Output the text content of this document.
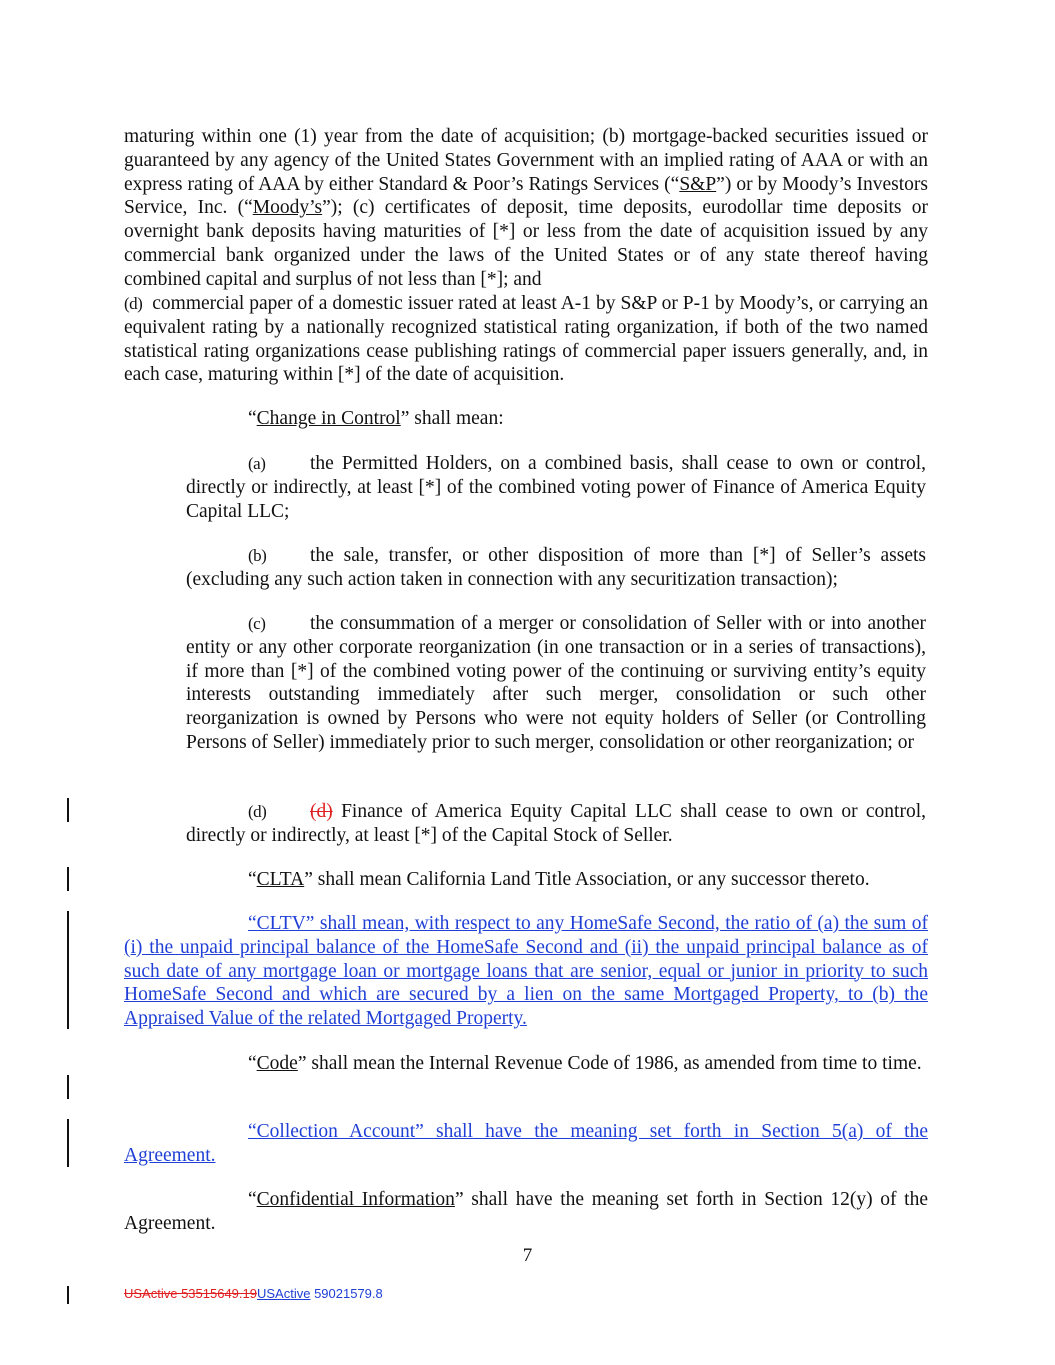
maturing within one (1) year from the date of acquisition; (b) mortgage-backed securities issued or guaranteed by any agency of the United States Government with an implied rating of AAA or with an express rating of AAA by either Standard & Poor’s Ratings Services (“S&P”) or by Moody’s Investors Service, Inc. (“Moody’s”); (c) certificates of deposit, time deposits, eurodollar time deposits or overnight bank deposits having maturities of [*] or less from the date of acquisition issued by any commercial bank organized under the laws of the United States or of any state thereof having combined capital and surplus of not less than [*]; and
(d) commercial paper of a domestic issuer rated at least A-1 by S&P or P-1 by Moody’s, or carrying an equivalent rating by a nationally recognized statistical rating organization, if both of the two named statistical rating organizations cease publishing ratings of commercial paper issuers generally, and, in each case, maturing within [*] of the date of acquisition.
“Change in Control” shall mean:
(a) the Permitted Holders, on a combined basis, shall cease to own or control, directly or indirectly, at least [*] of the combined voting power of Finance of America Equity Capital LLC;
(b) the sale, transfer, or other disposition of more than [*] of Seller’s assets (excluding any such action taken in connection with any securitization transaction);
(c) the consummation of a merger or consolidation of Seller with or into another entity or any other corporate reorganization (in one transaction or in a series of transactions), if more than [*] of the combined voting power of the continuing or surviving entity’s equity interests outstanding immediately after such merger, consolidation or such other reorganization is owned by Persons who were not equity holders of Seller (or Controlling Persons of Seller) immediately prior to such merger, consolidation or other reorganization; or
(d) (d) Finance of America Equity Capital LLC shall cease to own or control, directly or indirectly, at least [*] of the Capital Stock of Seller.
“CLTA” shall mean California Land Title Association, or any successor thereto.
“CLTV” shall mean, with respect to any HomeSafe Second, the ratio of (a) the sum of (i) the unpaid principal balance of the HomeSafe Second and (ii) the unpaid principal balance as of such date of any mortgage loan or mortgage loans that are senior, equal or junior in priority to such HomeSafe Second and which are secured by a lien on the same Mortgaged Property, to (b) the Appraised Value of the related Mortgaged Property.
“Code” shall mean the Internal Revenue Code of 1986, as amended from time to time.
“Collection Account” shall have the meaning set forth in Section 5(a) of the Agreement.
“Confidential Information” shall have the meaning set forth in Section 12(y) of the Agreement.
7
USActive 53515649.19USActive 59021579.8
